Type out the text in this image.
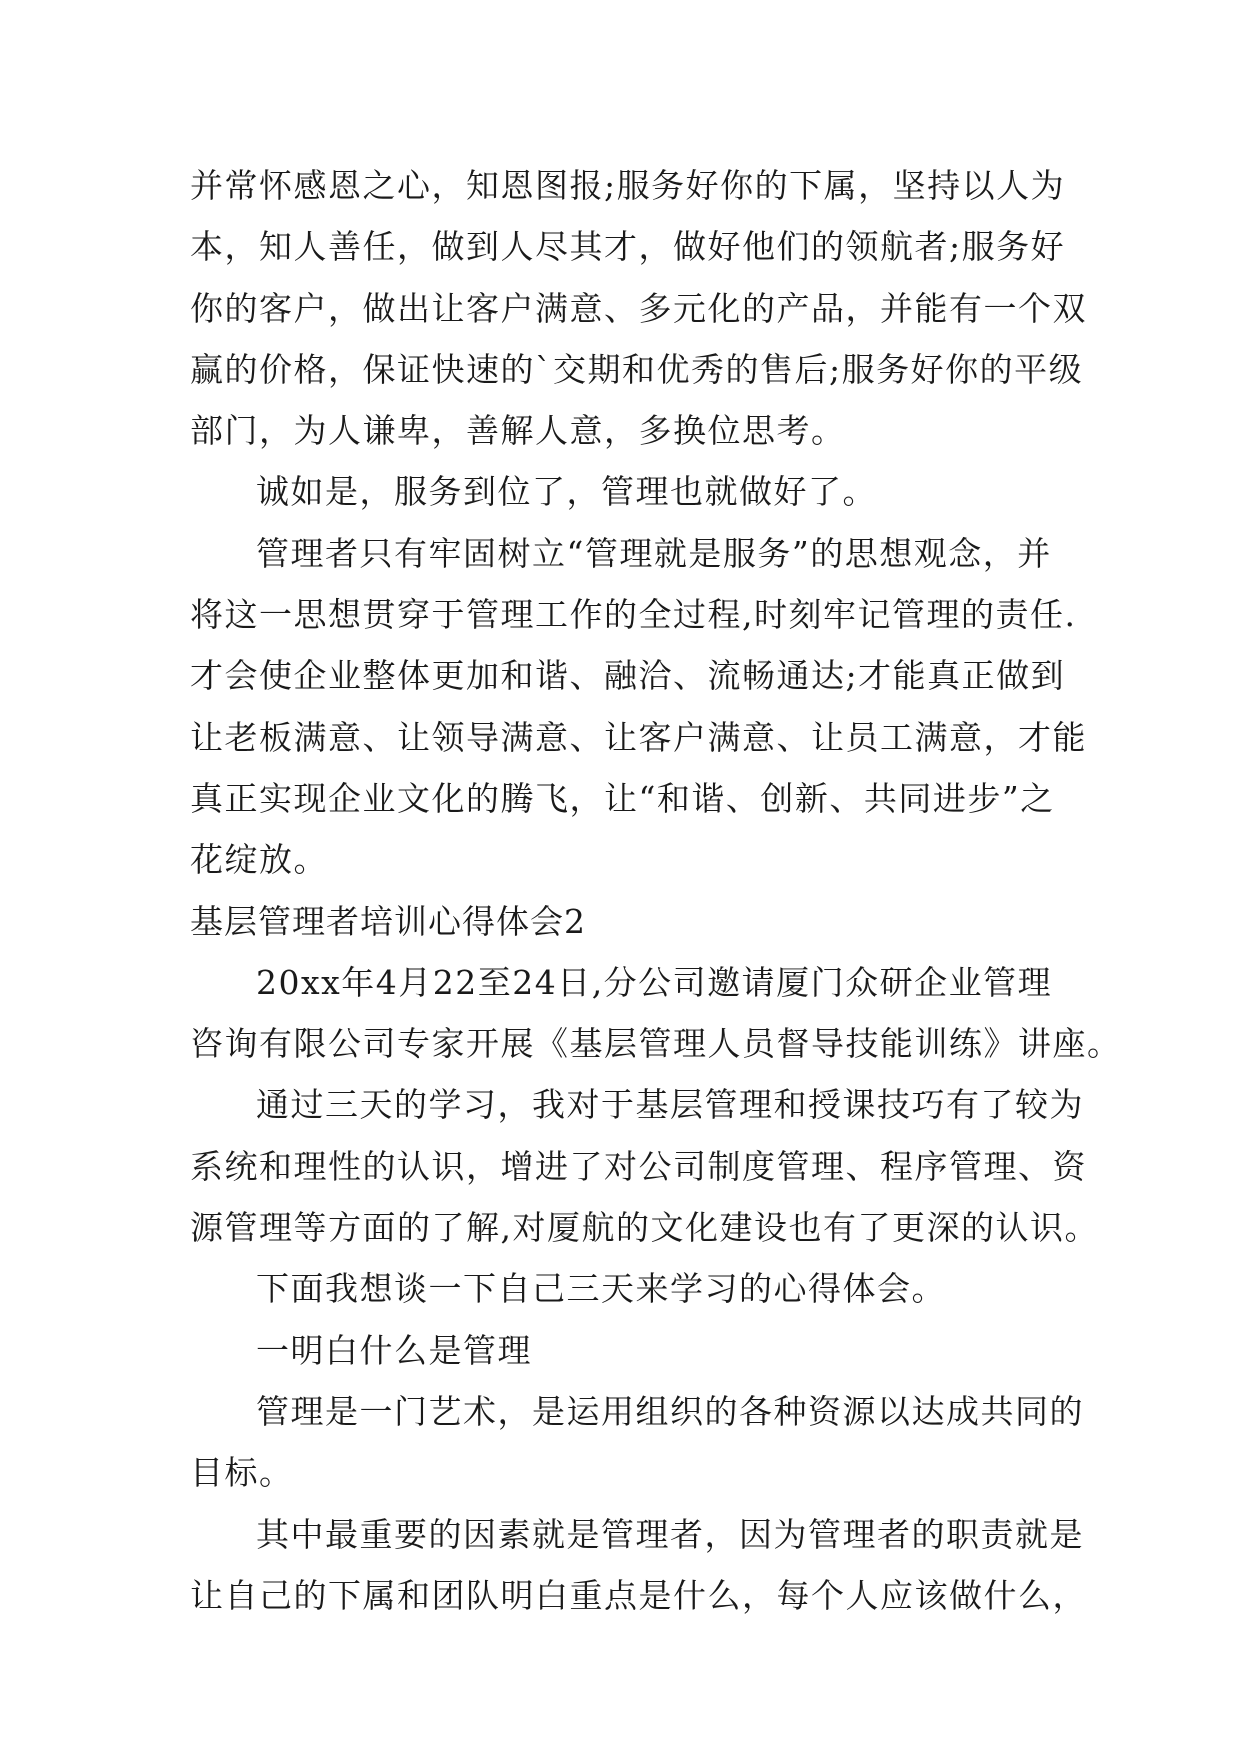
并常怀感恩之心，知恩图报;服务好你的下属，坚持以人为
本，知人善任，做到人尽其才，做好他们的领航者;服务好
你的客户，做出让客户满意、多元化的产品，并能有一个双
赢的价格，保证快速的`交期和优秀的售后;服务好你的平级
部门，为人谦卑，善解人意，多换位思考。
诚如是，服务到位了，管理也就做好了。
管理者只有牢固树立“管理就是服务”的思想观念，并
将这一思想贯穿于管理工作的全过程,时刻牢记管理的责任.
才会使企业整体更加和谐、融洽、流畅通达;才能真正做到
让老板满意、让领导满意、让客户满意、让员工满意，才能
真正实现企业文化的腾飞，让“和谐、创新、共同进步”之
花绽放。
基层管理者培训心得体会2
20xx年4月22至24日,分公司邀请厦门众研企业管理
咨询有限公司专家开展《基层管理人员督导技能训练》讲座。
通过三天的学习，我对于基层管理和授课技巧有了较为
系统和理性的认识，增进了对公司制度管理、程序管理、资
源管理等方面的了解,对厦航的文化建设也有了更深的认识。
下面我想谈一下自己三天来学习的心得体会。
一明白什么是管理
管理是一门艺术，是运用组织的各种资源以达成共同的
目标。
其中最重要的因素就是管理者，因为管理者的职责就是
让自己的下属和团队明白重点是什么，每个人应该做什么，
